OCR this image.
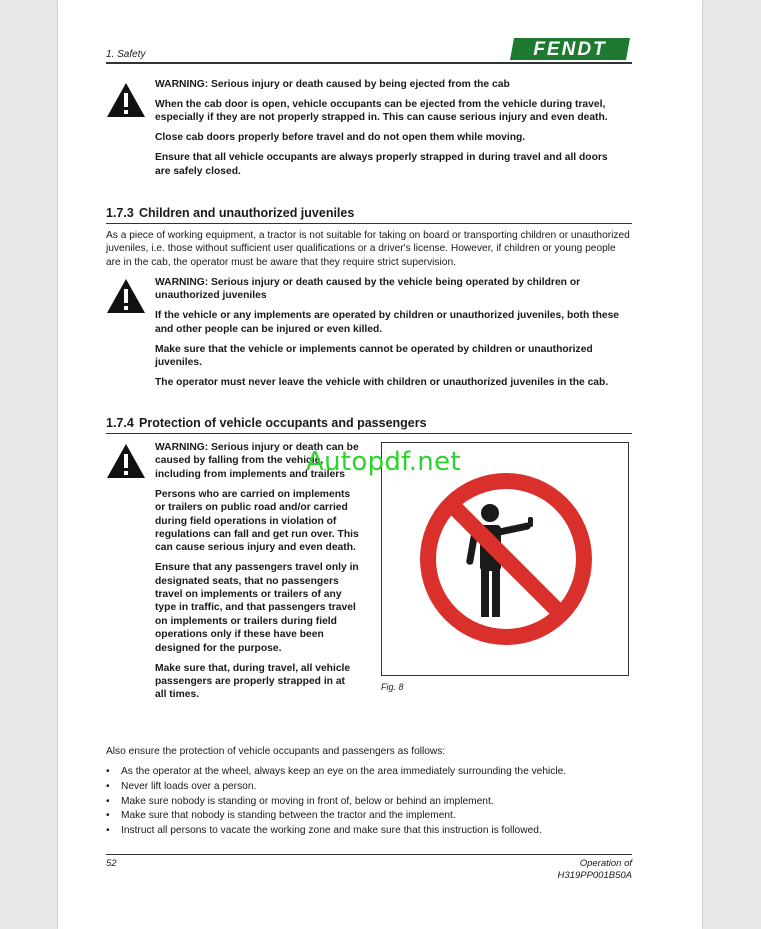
1. Safety	FENDT

WARNING: Serious injury or death caused by being ejected from the cab

When the cab door is open, vehicle occupants can be ejected from the vehicle during travel, especially if they are not properly strapped in. This can cause serious injury and even death.

Close cab doors properly before travel and do not open them while moving.

Ensure that all vehicle occupants are always properly strapped in during travel and all doors are safely closed.

1.7.3 Children and unauthorized juveniles
As a piece of working equipment, a tractor is not suitable for taking on board or transporting children or unauthorized juveniles, i.e. those without sufficient user qualifications or a driver's license. However, if children or young people are in the cab, the operator must be aware that they require strict supervision.

WARNING: Serious injury or death caused by the vehicle being operated by children or unauthorized juveniles

If the vehicle or any implements are operated by children or unauthorized juveniles, both these and other people can be injured or even killed.

Make sure that the vehicle or implements cannot be operated by children or unauthorized juveniles.

The operator must never leave the vehicle with children or unauthorized juveniles in the cab.

1.7.4 Protection of vehicle occupants and passengers

WARNING: Serious injury or death can be caused by falling from the vehicle, including from implements and trailers

Persons who are carried on implements or trailers on public road and/or carried during field operations in violation of regulations can fall and get run over. This can cause serious injury and even death.

Ensure that any passengers travel only in designated seats, that no passengers travel on implements or trailers of any type in traffic, and that passengers travel on implements or trailers during field operations only if these have been designed for the purpose.

Make sure that, during travel, all vehicle passengers are properly strapped in at all times.

Fig. 8
Autopdf.net
Also ensure the protection of vehicle occupants and passengers as follows:
• As the operator at the wheel, always keep an eye on the area immediately surrounding the vehicle.
• Never lift loads over a person.
• Make sure nobody is standing or moving in front of, below or behind an implement.
• Make sure that nobody is standing between the tractor and the implement.
• Instruct all persons to vacate the working zone and make sure that this instruction is followed.
52	Operation of
H319PP001B50A
